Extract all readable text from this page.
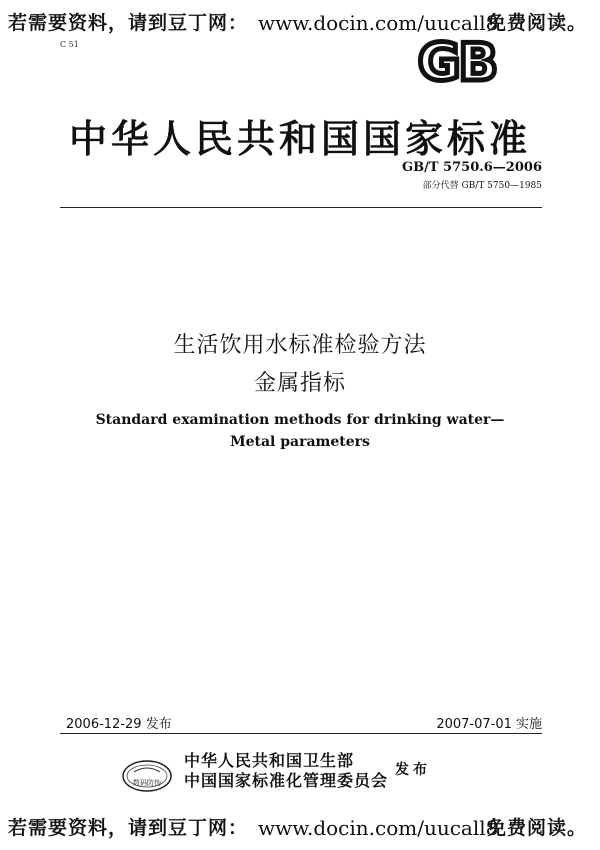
若需要资料，请到豆丁网： www.docin.com/uucall8
免费阅读。
C 51	GB
中华人民共和国国家标准
GB/T 5750.6—2006
部分代替 GB/T 5750—1985
生活饮用水标准检验方法
金属指标
Standard examination methods for drinking water—
Metal parameters
2006-12-29 发布	2007-07-01 实施
数码防伪
中华人民共和国卫生部
中国国家标准化管理委员会
发布
若需要资料，请到豆丁网： www.docin.com/uucall8
免费阅读。
